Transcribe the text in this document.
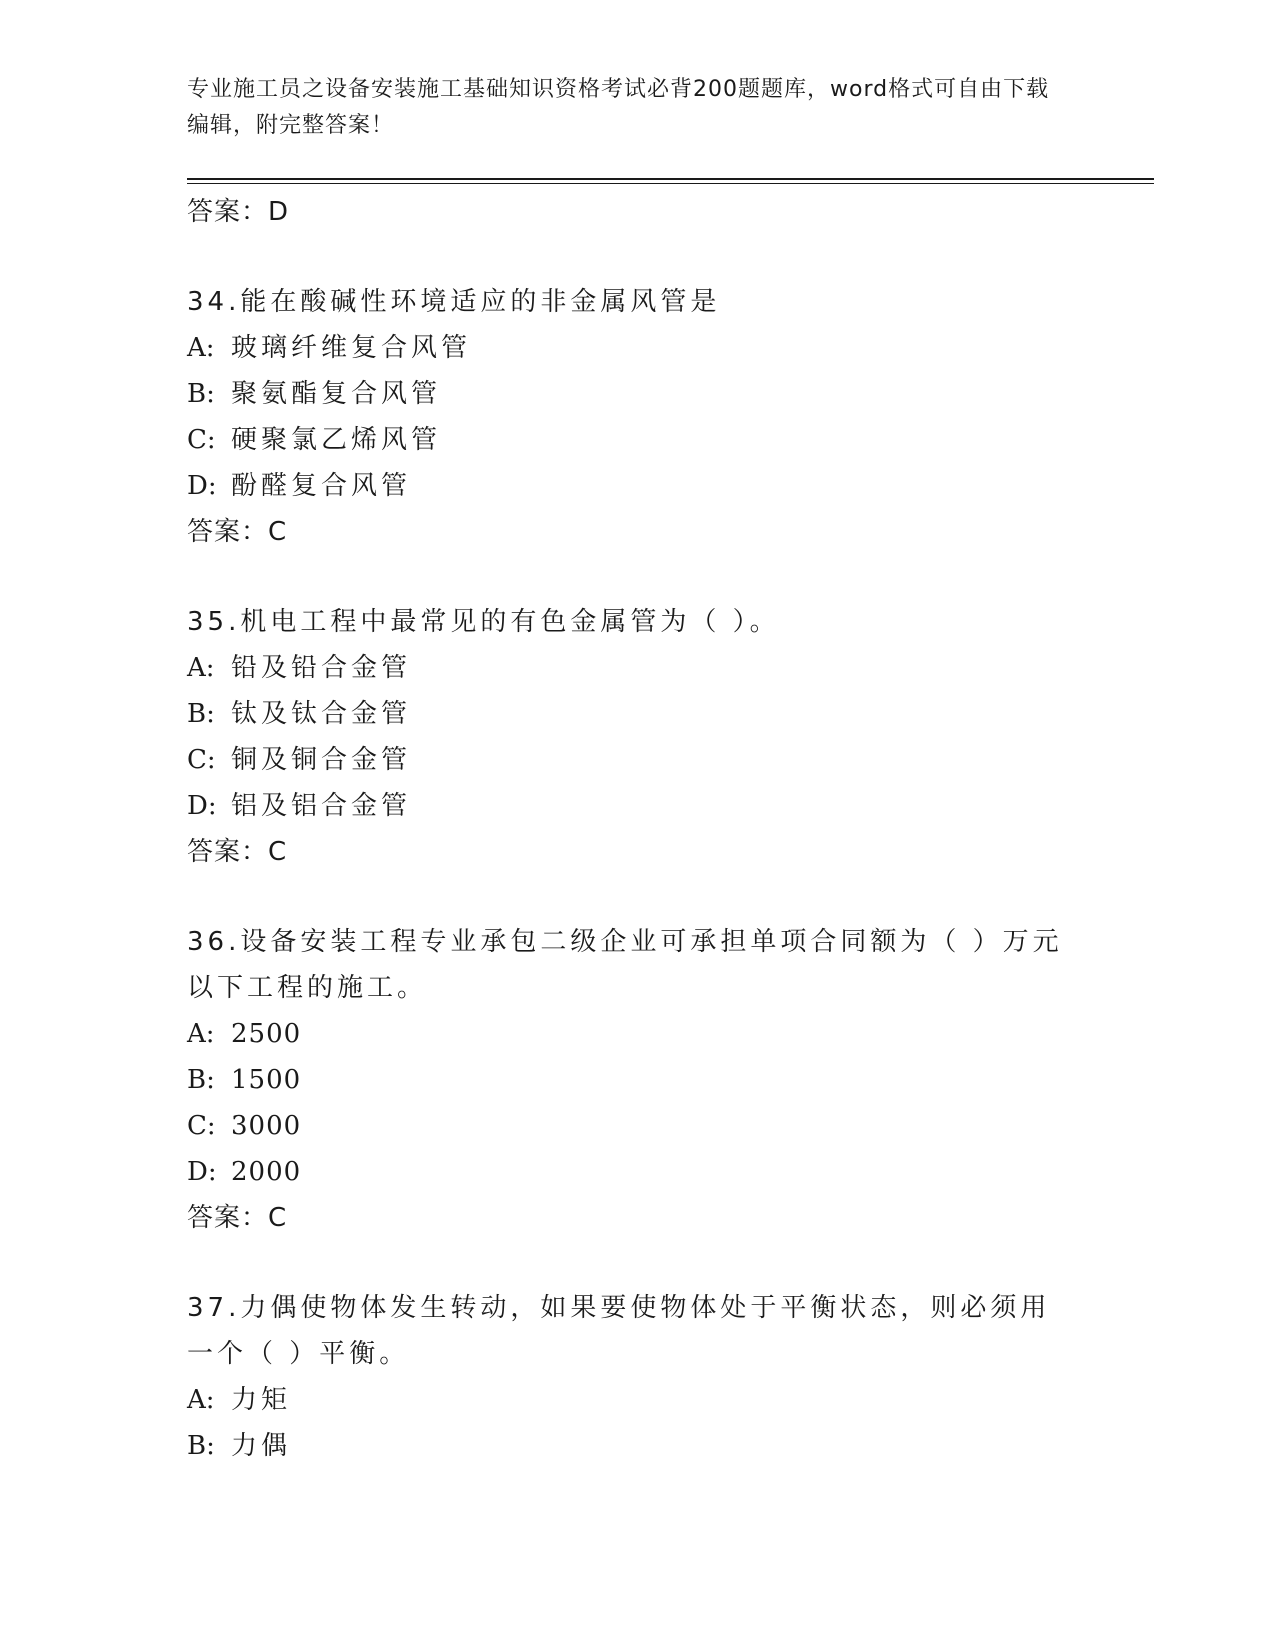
专业施工员之设备安装施工基础知识资格考试必背200题题库，word格式可自由下载编辑，附完整答案！
答案：D
34.能在酸碱性环境适应的非金属风管是
A: 玻璃纤维复合风管
B: 聚氨酯复合风管
C: 硬聚氯乙烯风管
D: 酚醛复合风管
答案：C
35.机电工程中最常见的有色金属管为（ ）。
A: 铅及铅合金管
B: 钛及钛合金管
C: 铜及铜合金管
D: 铝及铝合金管
答案：C
36.设备安装工程专业承包二级企业可承担单项合同额为（ ）万元以下工程的施工。
A: 2500
B: 1500
C: 3000
D: 2000
答案：C
37.力偶使物体发生转动，如果要使物体处于平衡状态，则必须用一个（ ）平衡。
A: 力矩
B: 力偶
